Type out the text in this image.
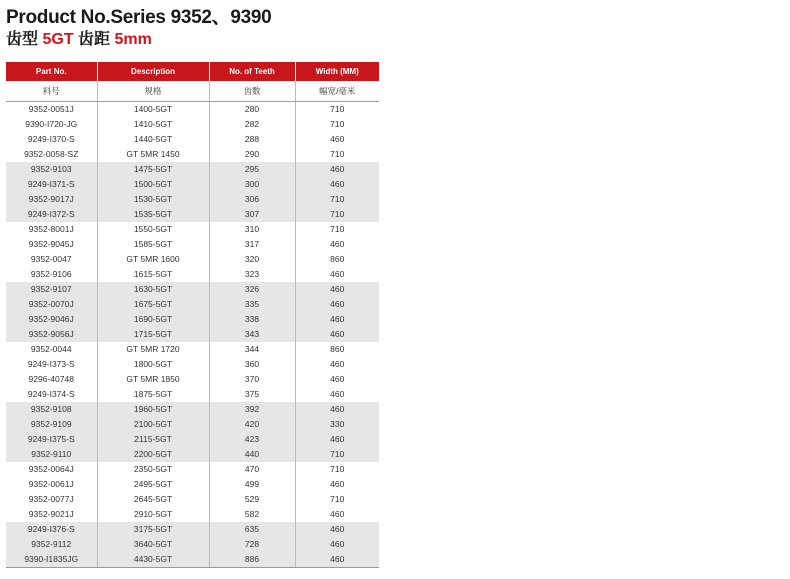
Product No.Series 9352、9390
齿型 5GT 齿距 5mm
Part No.	Description	No. of Teeth	Width (MM)
料号	规格	齿数	幅宽/毫米
9352-0051J	1400-5GT	280	710
9390-I720-JG	1410-5GT	282	710
9249-I370-S	1440-5GT	288	460
9352-0058-SZ	GT 5MR 1450	290	710
9352-9103	1475-5GT	295	460
9249-I371-S	1500-5GT	300	460
9352-9017J	1530-5GT	306	710
9249-I372-S	1535-5GT	307	710
9352-8001J	1550-5GT	310	710
9352-9045J	1585-5GT	317	460
9352-0047	GT 5MR 1600	320	860
9352-9106	1615-5GT	323	460
9352-9107	1630-5GT	326	460
9352-0070J	1675-5GT	335	460
9352-9046J	1690-5GT	338	460
9352-9056J	1715-5GT	343	460
9352-0044	GT 5MR 1720	344	860
9249-I373-S	1800-5GT	360	460
9296-40748	GT 5MR 1850	370	460
9249-I374-S	1875-5GT	375	460
9352-9108	1960-5GT	392	460
9352-9109	2100-5GT	420	330
9249-I375-S	2115-5GT	423	460
9352-9110	2200-5GT	440	710
9352-0064J	2350-5GT	470	710
9352-0061J	2495-5GT	499	460
9352-0077J	2645-5GT	529	710
9352-9021J	2910-5GT	582	460
9249-I376-S	3175-5GT	635	460
9352-9112	3640-5GT	728	460
9390-I1835JG	4430-5GT	886	460
